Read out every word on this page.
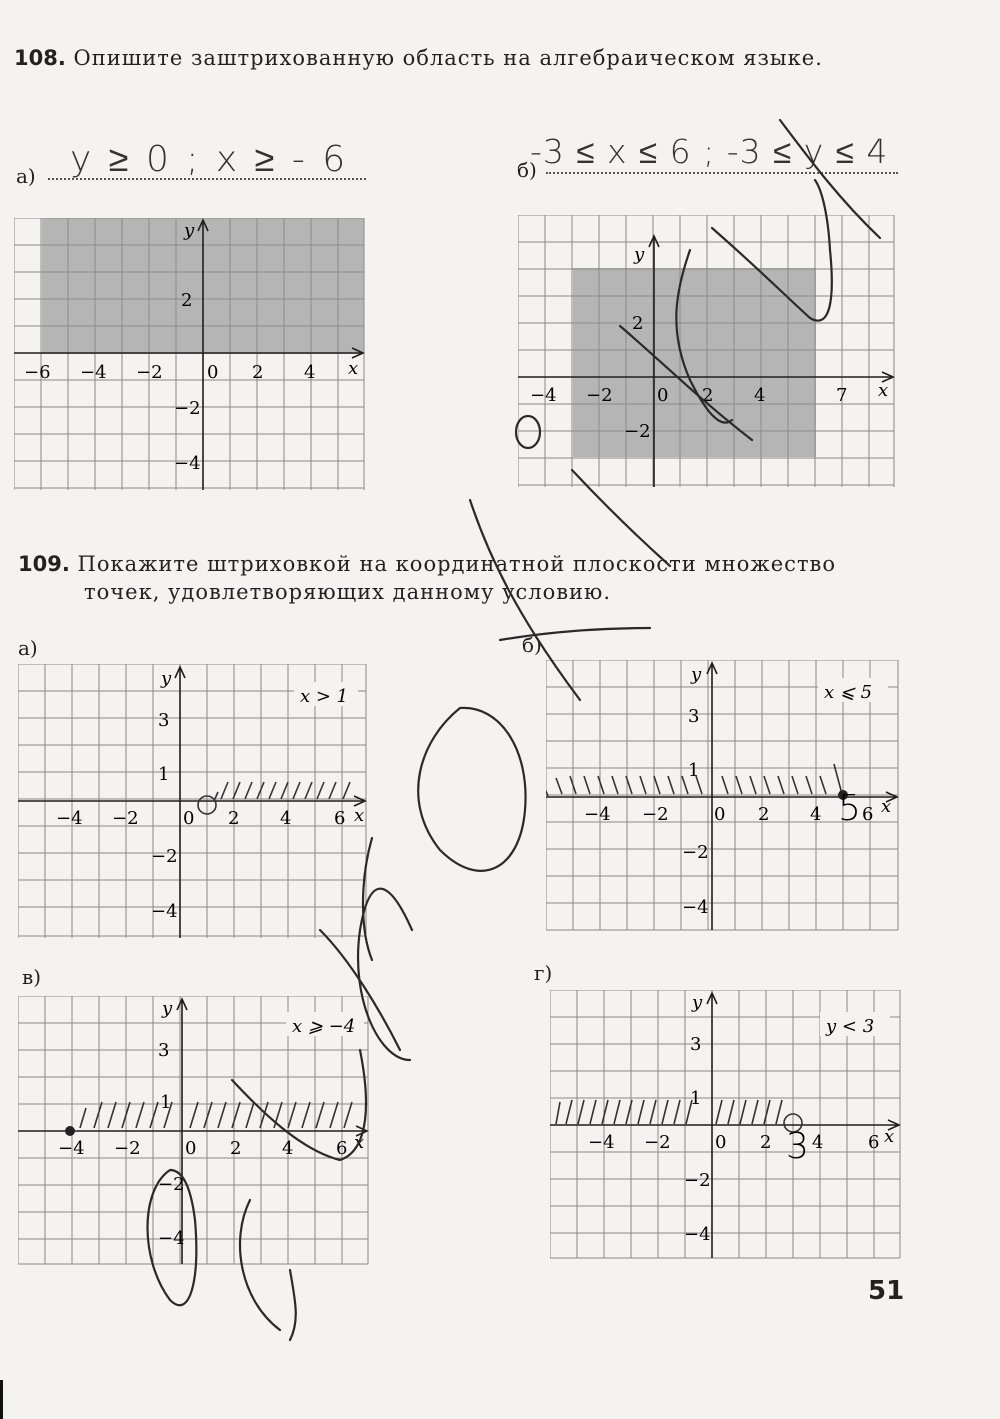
108. Опишите заштрихованную область на алгебраическом языке.
а) y ≥ 0 ; x ≥ - 6	б)
-3 ≤ x ≤ 6 ; -3 ≤ y ≤ 4
x
y
−6 −4 −2 0 2 4
2
−2
−4
x
y
−4 −2 0 2 4	7
2
−2
109. Покажите штриховкой на координатной плоскости множество
точек, удовлетворяющих данному условию.
а)	б)
в)	г)
x
y
x > 1
−4 −2 0 2 4 6
3
1
−2
−4
x
y
x ⩽ 5
−4 −2	0 2 4 6
3
1
−2
−4
5
x
y
x ⩾ −4
−4 −2 0 2 4 6
3
1
−2
−4
x
y
y < 3
−4 −2 0 2 4 6
3
1
−2
−4
3
51
